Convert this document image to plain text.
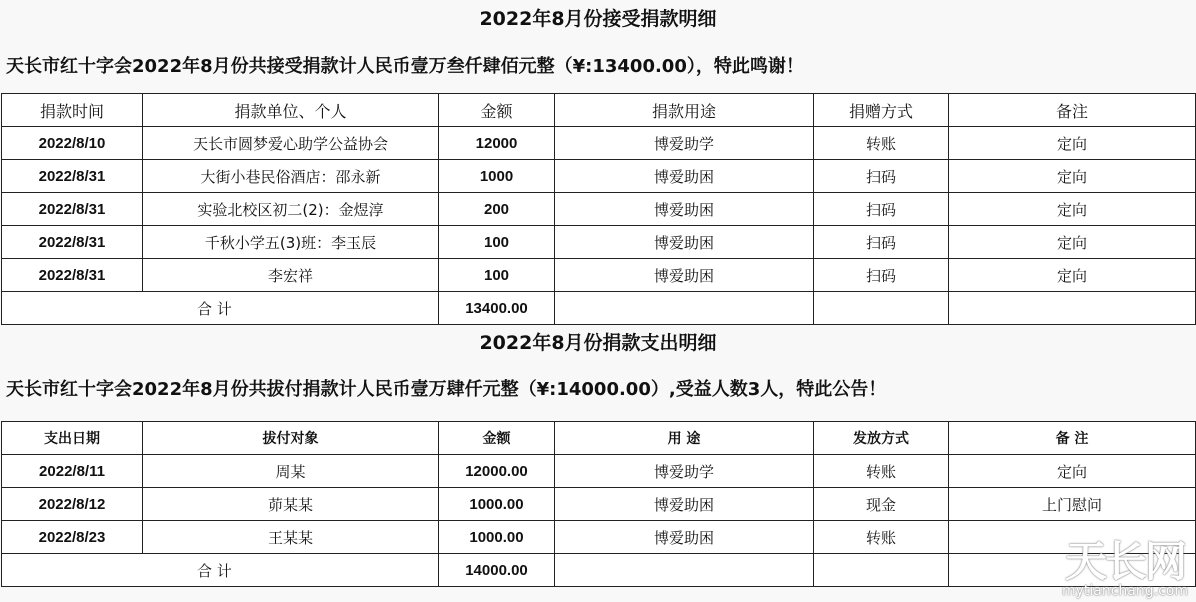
2022年8月份接受捐款明细
天长市红十字会2022年8月份共接受捐款计人民币壹万叁仟肆佰元整（¥:13400.00），特此鸣谢！
捐款时间	捐款单位、个人	金额	捐款用途	捐赠方式	备注
2022/8/10	天长市圆梦爱心助学公益协会	12000	博爱助学	转账	定向
2022/8/31	大街小巷民俗酒店：邵永新	1000	博爱助困	扫码	定向
2022/8/31	实验北校区初二(2)：金煜淳	200	博爱助困	扫码	定向
2022/8/31	千秋小学五(3)班：李玉辰	100	博爱助困	扫码	定向
2022/8/31	李宏祥	100	博爱助困	扫码	定向
合 计		13400.00			
2022年8月份捐款支出明细
天长市红十字会2022年8月份共拔付捐款计人民币壹万肆仟元整（¥:14000.00）,受益人数3人，特此公告！
支出日期	拔付对象	金额	用 途	发放方式	备 注
2022/8/11	周某	12000.00	博爱助学	转账	定向
2022/8/12	茆某某	1000.00	博爱助困	现金	上门慰问
2022/8/23	王某某	1000.00	博爱助困	转账	
合 计		14000.00				天长网
mytianchang.com
